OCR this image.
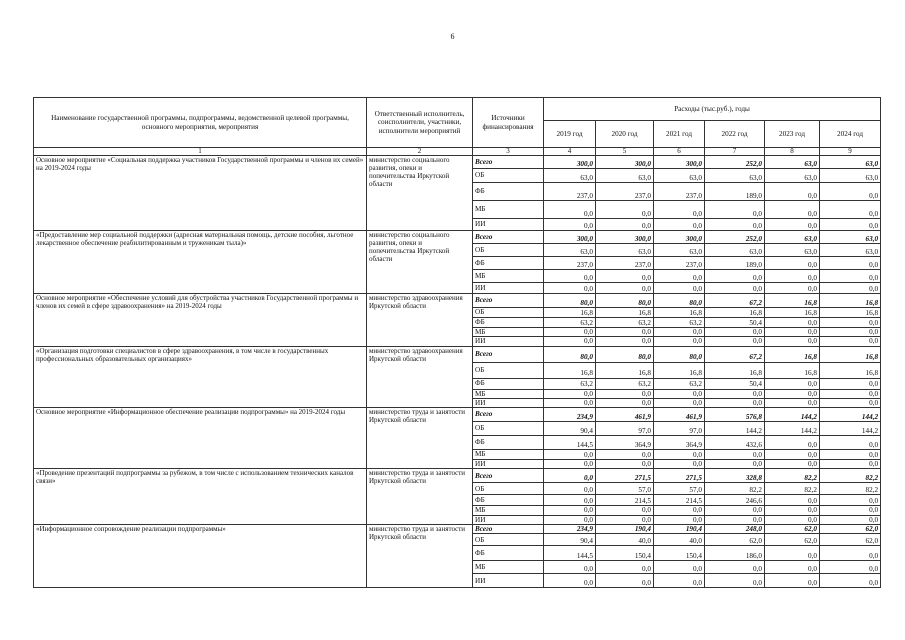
6
Наименование государственной программы, подпрограммы, ведомственной целевой программы, основного мероприятия, мероприятия	Ответственный исполнитель, соисполнители, участники, исполнители мероприятий	Источники финансирования	Расходы (тыс.руб.), годы					
			2019 год	2020 год	2021 год	2022 год	2023 год	2024 год
1	2	3	4	5	6	7	8	9
Основное мероприятие «Социальная поддержка участников Государственной программы и членов их семей» на 2019-2024 годы	министерство социального развития, опеки и попечительства Иркутской области	Всего	300,0	300,0	300,0	252,0	63,0	63,0
		ОБ	63,0	63,0	63,0	63,0	63,0	63,0
		ФБ	237,0	237,0	237,0	189,0	0,0	0,0
		МБ	0,0	0,0	0,0	0,0	0,0	0,0
		ИИ	0,0	0,0	0,0	0,0	0,0	0,0
«Предоставление мер социальной поддержки (адресная материальная помощь, детские пособия, льготное лекарственное обеспечение реабилитированным и труженикам тыла)»	министерство социального развития, опеки и попечительства Иркутской области	Всего	300,0	300,0	300,0	252,0	63,0	63,0
		ОБ	63,0	63,0	63,0	63,0	63,0	63,0
		ФБ	237,0	237,0	237,0	189,0	0,0	0,0
		МБ	0,0	0,0	0,0	0,0	0,0	0,0
		ИИ	0,0	0,0	0,0	0,0	0,0	0,0
Основное мероприятие «Обеспечение условий для обустройства участников Государственной программы и членов их семей в сфере здравоохранения» на 2019-2024 годы	министерство здравоохранения Иркутской области	Всего	80,0	80,0	80,0	67,2	16,8	16,8
		ОБ	16,8	16,8	16,8	16,8	16,8	16,8
		ФБ	63,2	63,2	63,2	50,4	0,0	0,0
		МБ	0,0	0,0	0,0	0,0	0,0	0,0
		ИИ	0,0	0,0	0,0	0,0	0,0	0,0
«Организация подготовки специалистов в сфере здравоохранения, в том числе в государственных профессиональных образовательных организациях»	министерство здравоохранения Иркутской области	Всего	80,0	80,0	80,0	67,2	16,8	16,8
		ОБ	16,8	16,8	16,8	16,8	16,8	16,8
		ФБ	63,2	63,2	63,2	50,4	0,0	0,0
		МБ	0,0	0,0	0,0	0,0	0,0	0,0
		ИИ	0,0	0,0	0,0	0,0	0,0	0,0
Основное мероприятие «Информационное обеспечение реализации подпрограммы» на 2019-2024 годы	министерство труда и занятости Иркутской области	Всего	234,9	461,9	461,9	576,8	144,2	144,2
		ОБ	90,4	97,0	97,0	144,2	144,2	144,2
		ФБ	144,5	364,9	364,9	432,6	0,0	0,0
		МБ	0,0	0,0	0,0	0,0	0,0	0,0
		ИИ	0,0	0,0	0,0	0,0	0,0	0,0
«Проведение презентаций подпрограммы за рубежом, в том числе с использованием технических каналов связи»	министерство труда и занятости Иркутской области	Всего	0,0	271,5	271,5	328,8	82,2	82,2
		ОБ	0,0	57,0	57,0	82,2	82,2	82,2
		ФБ	0,0	214,5	214,5	246,6	0,0	0,0
		МБ	0,0	0,0	0,0	0,0	0,0	0,0
		ИИ	0,0	0,0	0,0	0,0	0,0	0,0
«Информационное сопровождение реализации подпрограммы»	министерство труда и занятости Иркутской области	Всего	234,9	190,4	190,4	248,0	62,0	62,0
		ОБ	90,4	40,0	40,0	62,0	62,0	62,0
		ФБ	144,5	150,4	150,4	186,0	0,0	0,0
		МБ	0,0	0,0	0,0	0,0	0,0	0,0
		ИИ	0,0	0,0	0,0	0,0	0,0	0,0
